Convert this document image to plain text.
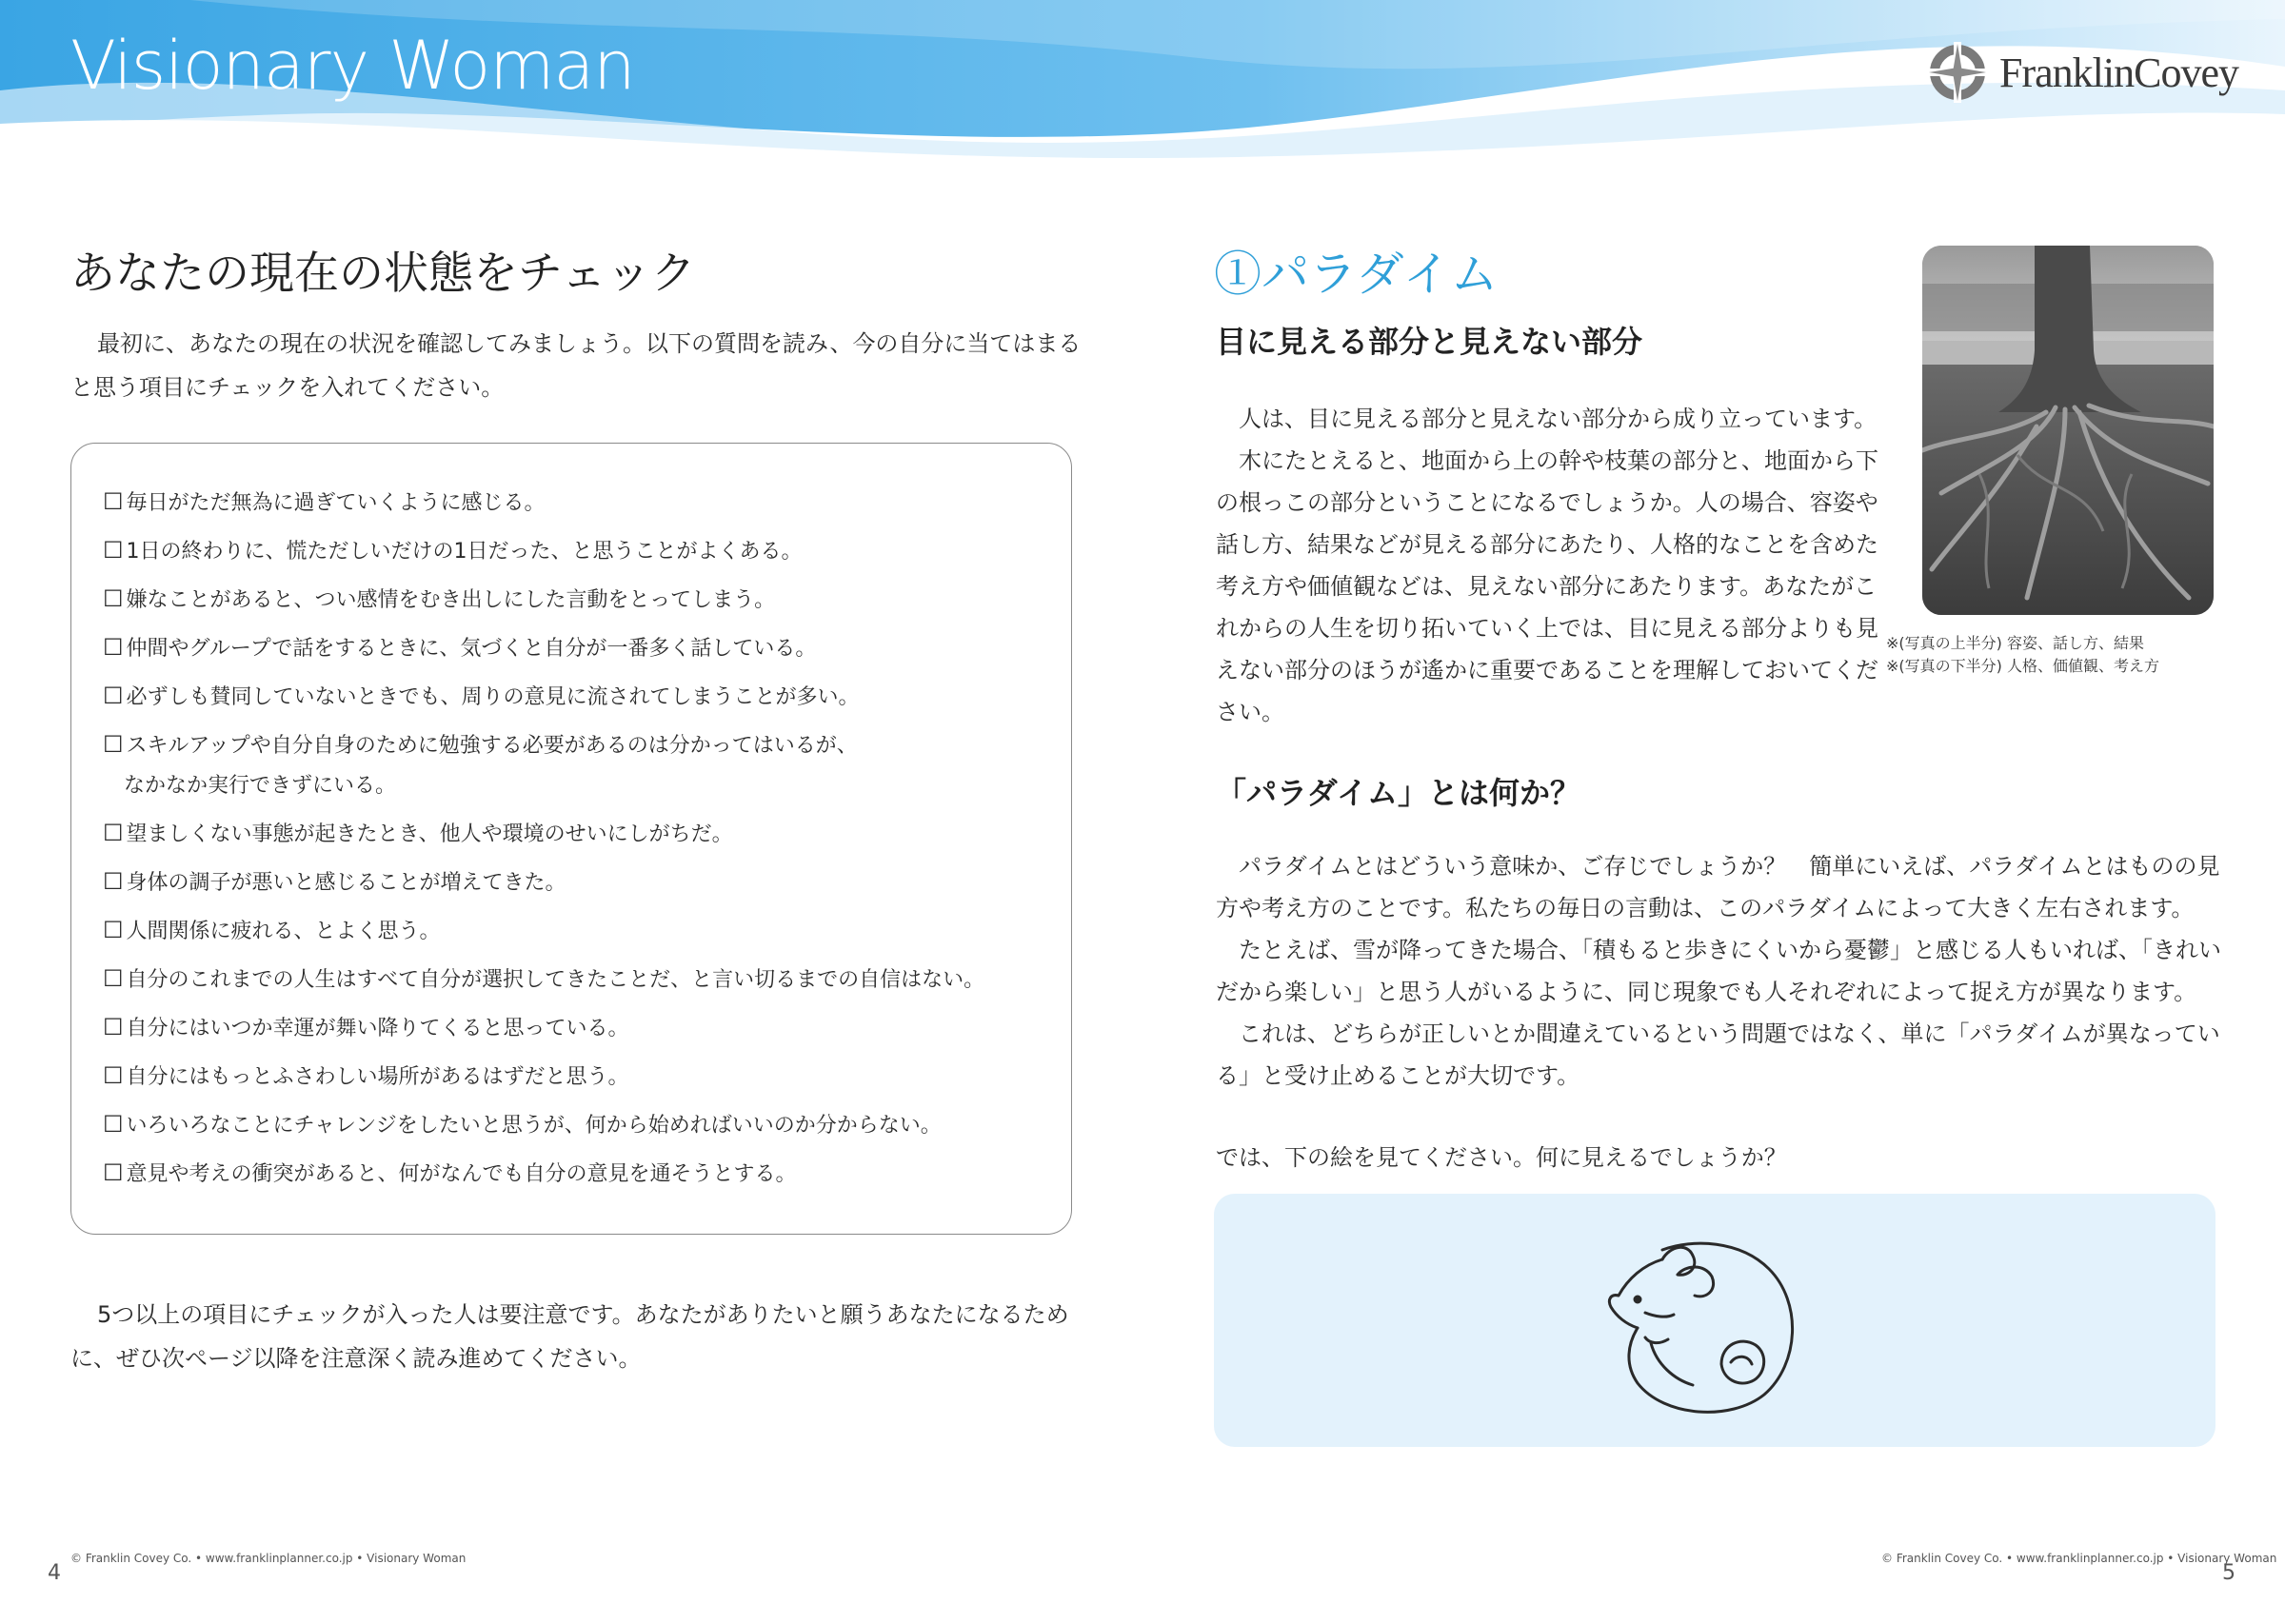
Visionary Woman	FranklinCovey
あなたの現在の状態をチェック

最初に、あなたの現在の状況を確認してみましょう。以下の質問を読み、今の自分に当てはまると思う項目にチェックを入れてください。

☐ 毎日がただ無為に過ぎていくように感じる。
☐ 1日の終わりに、慌ただしいだけの1日だった、と思うことがよくある。
☐ 嫌なことがあると、つい感情をむき出しにした言動をとってしまう。
☐ 仲間やグループで話をするときに、気づくと自分が一番多く話している。
☐ 必ずしも賛同していないときでも、周りの意見に流されてしまうことが多い。
☐ スキルアップや自分自身のために勉強する必要があるのは分かってはいるが、
なかなか実行できずにいる。
☐ 望ましくない事態が起きたとき、他人や環境のせいにしがちだ。
☐ 身体の調子が悪いと感じることが増えてきた。
☐ 人間関係に疲れる、とよく思う。
☐ 自分のこれまでの人生はすべて自分が選択してきたことだ、と言い切るまでの自信はない。
☐ 自分にはいつか幸運が舞い降りてくると思っている。
☐ 自分にはもっとふさわしい場所があるはずだと思う。
☐ いろいろなことにチャレンジをしたいと思うが、何から始めればいいのか分からない。
☐ 意見や考えの衝突があると、何がなんでも自分の意見を通そうとする。

5つ以上の項目にチェックが入った人は要注意です。あなたがありたいと願うあなたになるために、ぜひ次ページ以降を注意深く読み進めてください。

①パラダイム
目に見える部分と見えない部分

人は、目に見える部分と見えない部分から成り立っています。

木にたとえると、地面から上の幹や枝葉の部分と、地面から下の根っこの部分ということになるでしょうか。人の場合、容姿や話し方、結果などが見える部分にあたり、人格的なことを含めた考え方や価値観などは、見えない部分にあたります。あなたがこれからの人生を切り拓いていく上では、目に見える部分よりも見えない部分のほうが遙かに重要であることを理解しておいてください。

※(写真の上半分) 容姿、話し方、結果
※(写真の下半分) 人格、価値観、考え方
「パラダイム」とは何か？

パラダイムとはどういう意味か、ご存じでしょうか？　簡単にいえば、パラダイムとはものの見方や考え方のことです。私たちの毎日の言動は、このパラダイムによって大きく左右されます。

たとえば、雪が降ってきた場合、「積もると歩きにくいから憂鬱」と感じる人もいれば、「きれいだから楽しい」と思う人がいるように、同じ現象でも人それぞれによって捉え方が異なります。

これは、どちらが正しいとか間違えているという問題ではなく、単に「パラダイムが異なっている」と受け止めることが大切です。

では、下の絵を見てください。何に見えるでしょうか？

4
© Franklin Covey Co. • www.franklinplanner.co.jp • Visionary Woman	© Franklin Covey Co. • www.franklinplanner.co.jp • Visionary Woman
5
